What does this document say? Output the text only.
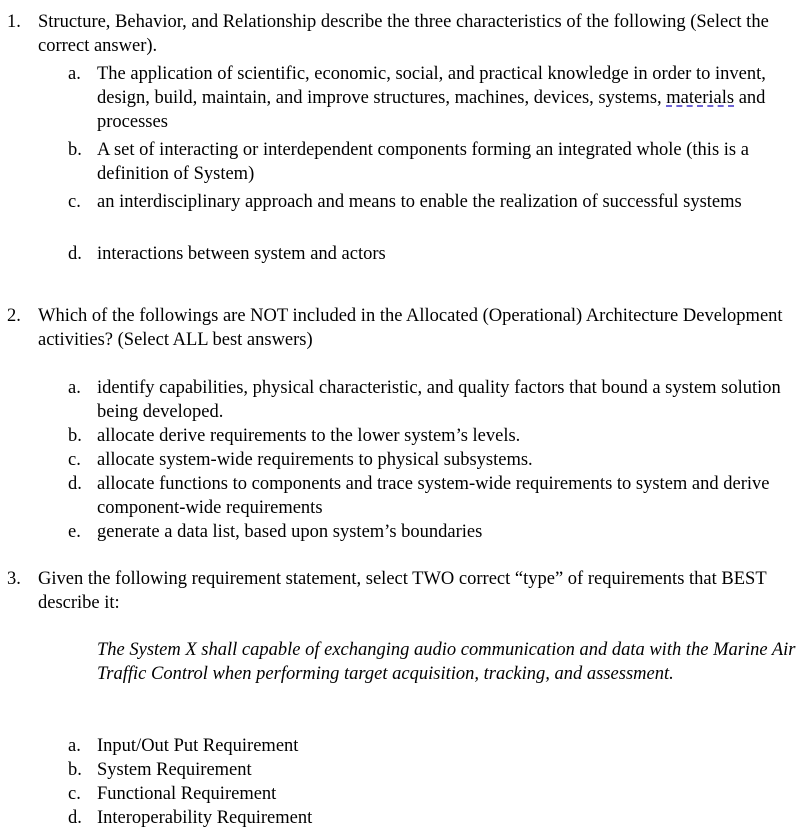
1. Structure, Behavior, and Relationship describe the three characteristics of the following (Select the correct answer).
a. The application of scientific, economic, social, and practical knowledge in order to invent, design, build, maintain, and improve structures, machines, devices, systems, materials and processes
b. A set of interacting or interdependent components forming an integrated whole (this is a definition of System)
c. an interdisciplinary approach and means to enable the realization of successful systems
d. interactions between system and actors
2. Which of the followings are NOT included in the Allocated (Operational) Architecture Development activities? (Select ALL best answers)
a. identify capabilities, physical characteristic, and quality factors that bound a system solution being developed.
b. allocate derive requirements to the lower system’s levels.
c. allocate system-wide requirements to physical subsystems.
d. allocate functions to components and trace system-wide requirements to system and derive component-wide requirements
e. generate a data list, based upon system’s boundaries
3. Given the following requirement statement, select TWO correct “type” of requirements that BEST describe it:
The System X shall capable of exchanging audio communication and data with the Marine Air Traffic Control when performing target acquisition, tracking, and assessment.
a. Input/Out Put Requirement
b. System Requirement
c. Functional Requirement
d. Interoperability Requirement
